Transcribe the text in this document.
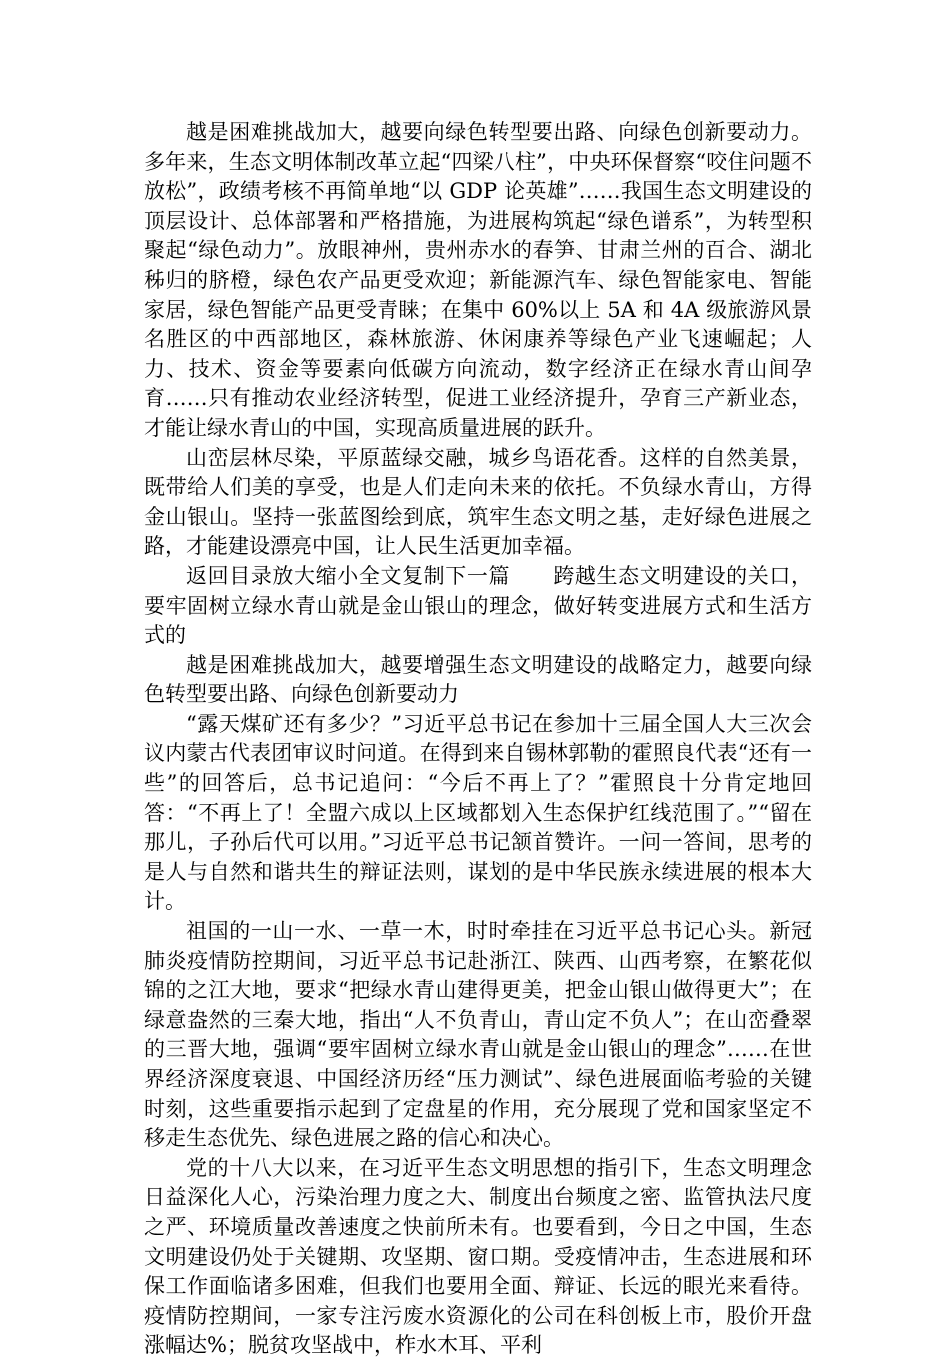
越是困难挑战加大，越要向绿色转型要出路、向绿色创新要动力。多年来，生态文明体制改革立起“四梁八柱”，中央环保督察“咬住问题不放松”，政绩考核不再简单地“以 GDP 论英雄”……我国生态文明建设的顶层设计、总体部署和严格措施，为进展构筑起“绿色谱系”，为转型积聚起“绿色动力”。放眼神州，贵州赤水的春笋、甘肃兰州的百合、湖北秭归的脐橙，绿色农产品更受欢迎；新能源汽车、绿色智能家电、智能家居，绿色智能产品更受青睐；在集中 60%以上 5A 和 4A 级旅游风景名胜区的中西部地区，森林旅游、休闲康养等绿色产业飞速崛起；人力、技术、资金等要素向低碳方向流动，数字经济正在绿水青山间孕育……只有推动农业经济转型，促进工业经济提升，孕育三产新业态，才能让绿水青山的中国，实现高质量进展的跃升。

山峦层林尽染，平原蓝绿交融，城乡鸟语花香。这样的自然美景，既带给人们美的享受，也是人们走向未来的依托。不负绿水青山，方得金山银山。坚持一张蓝图绘到底，筑牢生态文明之基，走好绿色进展之路，才能建设漂亮中国，让人民生活更加幸福。

返回目录放大缩小全文复制下一篇　　跨越生态文明建设的关口，要牢固树立绿水青山就是金山银山的理念，做好转变进展方式和生活方式的

越是困难挑战加大，越要增强生态文明建设的战略定力，越要向绿色转型要出路、向绿色创新要动力

“露天煤矿还有多少？”习近平总书记在参加十三届全国人大三次会议内蒙古代表团审议时问道。在得到来自锡林郭勒的霍照良代表“还有一些”的回答后，总书记追问：“今后不再上了？”霍照良十分肯定地回答：“不再上了！全盟六成以上区域都划入生态保护红线范围了。”“留在那儿，子孙后代可以用。”习近平总书记颔首赞许。一问一答间，思考的是人与自然和谐共生的辩证法则，谋划的是中华民族永续进展的根本大计。

祖国的一山一水、一草一木，时时牵挂在习近平总书记心头。新冠肺炎疫情防控期间，习近平总书记赴浙江、陕西、山西考察，在繁花似锦的之江大地，要求“把绿水青山建得更美，把金山银山做得更大”；在绿意盎然的三秦大地，指出“人不负青山，青山定不负人”；在山峦叠翠的三晋大地，强调“要牢固树立绿水青山就是金山银山的理念”……在世界经济深度衰退、中国经济历经“压力测试”、绿色进展面临考验的关键时刻，这些重要指示起到了定盘星的作用，充分展现了党和国家坚定不移走生态优先、绿色进展之路的信心和决心。

党的十八大以来，在习近平生态文明思想的指引下，生态文明理念日益深化人心，污染治理力度之大、制度出台频度之密、监管执法尺度之严、环境质量改善速度之快前所未有。也要看到，今日之中国，生态文明建设仍处于关键期、攻坚期、窗口期。受疫情冲击，生态进展和环保工作面临诸多困难，但我们也要用全面、辩证、长远的眼光来看待。疫情防控期间，一家专注污废水资源化的公司在科创板上市，股价开盘涨幅达%；脱贫攻坚战中，柞水木耳、平利
